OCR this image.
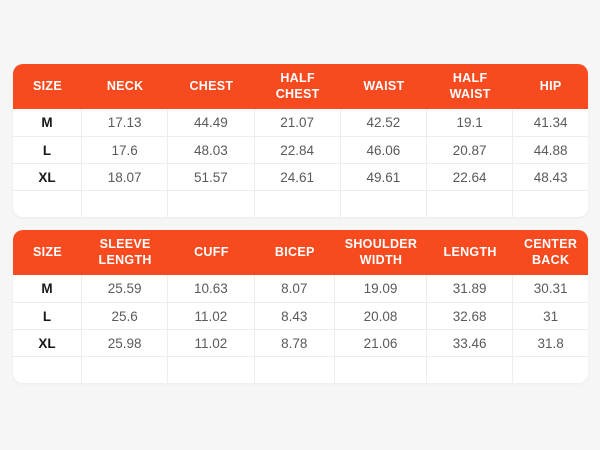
SIZE	NECK	CHEST	HALF CHEST	WAIST	HALF WAIST	HIP
M	17.13	44.49	21.07	42.52	19.1	41.34
L	17.6	48.03	22.84	46.06	20.87	44.88
XL	18.07	51.57	24.61	49.61	22.64	48.43

SIZE	SLEEVE LENGTH	CUFF	BICEP	SHOULDER WIDTH	LENGTH	CENTER BACK
M	25.59	10.63	8.07	19.09	31.89	30.31
L	25.6	11.02	8.43	20.08	32.68	31
XL	25.98	11.02	8.78	21.06	33.46	31.8
